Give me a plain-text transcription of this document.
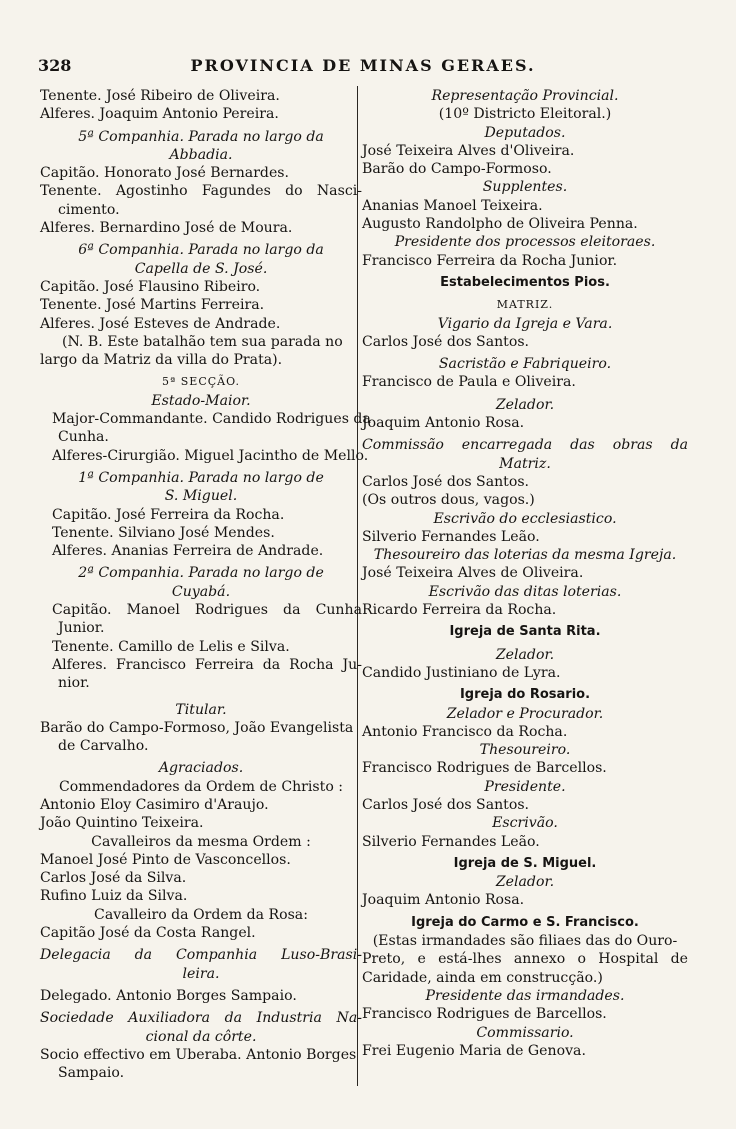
328	PROVINCIA DE MINAS GERAES.
Tenente. José Ribeiro de Oliveira.
Alferes. Joaquim Antonio Pereira.
5ª Companhia. Parada no largo da
Abbadia.
Capitão. Honorato José Bernardes.
Tenente. Agostinho Fagundes do Nasci-
cimento.
Alferes. Bernardino José de Moura.
6ª Companhia. Parada no largo da
Capella de S. José.
Capitão. José Flausino Ribeiro.
Tenente. José Martins Ferreira.
Alferes. José Esteves de Andrade.
(N. B. Este batalhão tem sua parada no
largo da Matriz da villa do Prata).
5ª SECÇÃO.
Estado-Maior.
Major-Commandante. Candido Rodrigues da
Cunha.
Alferes-Cirurgião. Miguel Jacintho de Mello.
1ª Companhia. Parada no largo de
S. Miguel.
Capitão. José Ferreira da Rocha.
Tenente. Silviano José Mendes.
Alferes. Ananias Ferreira de Andrade.
2ª Companhia. Parada no largo de
Cuyabá.
Capitão. Manoel Rodrigues da Cunha
Junior.
Tenente. Camillo de Lelis e Silva.
Alferes. Francisco Ferreira da Rocha Ju-
nior.
Titular.
Barão do Campo-Formoso, João Evangelista
de Carvalho.
Agraciados.
Commendadores da Ordem de Christo :
Antonio Eloy Casimiro d'Araujo.
João Quintino Teixeira.
Cavalleiros da mesma Ordem :
Manoel José Pinto de Vasconcellos.
Carlos José da Silva.
Rufino Luiz da Silva.
Cavalleiro da Ordem da Rosa:
Capitão José da Costa Rangel.
Delegacia da Companhia Luso-Brasi-
leira.
Delegado. Antonio Borges Sampaio.
Sociedade Auxiliadora da Industria Na-
cional da côrte.
Socio effectivo em Uberaba. Antonio Borges
Sampaio.
Representação Provincial.
(10º Districto Eleitoral.)
Deputados.
José Teixeira Alves d'Oliveira.
Barão do Campo-Formoso.
Supplentes.
Ananias Manoel Teixeira.
Augusto Randolpho de Oliveira Penna.
Presidente dos processos eleitoraes.
Francisco Ferreira da Rocha Junior.
Estabelecimentos Pios.
MATRIZ.
Vigario da Igreja e Vara.
Carlos José dos Santos.
Sacristão e Fabriqueiro.
Francisco de Paula e Oliveira.
Zelador.
Joaquim Antonio Rosa.
Commissão encarregada das obras da
Matriz.
Carlos José dos Santos.
(Os outros dous, vagos.)
Escrivão do ecclesiastico.
Silverio Fernandes Leão.
Thesoureiro das loterias da mesma Igreja.
José Teixeira Alves de Oliveira.
Escrivão das ditas loterias.
Ricardo Ferreira da Rocha.
Igreja de Santa Rita.
Zelador.
Candido Justiniano de Lyra.
Igreja do Rosario.
Zelador e Procurador.
Antonio Francisco da Rocha.
Thesoureiro.
Francisco Rodrigues de Barcellos.
Presidente.
Carlos José dos Santos.
Escrivão.
Silverio Fernandes Leão.
Igreja de S. Miguel.
Zelador.
Joaquim Antonio Rosa.
Igreja do Carmo e S. Francisco.
(Estas irmandades são filiaes das do Ouro-
Preto, e está-lhes annexo o Hospital de
Caridade, ainda em construcção.)
Presidente das irmandades.
Francisco Rodrigues de Barcellos.
Commissario.
Frei Eugenio Maria de Genova.
